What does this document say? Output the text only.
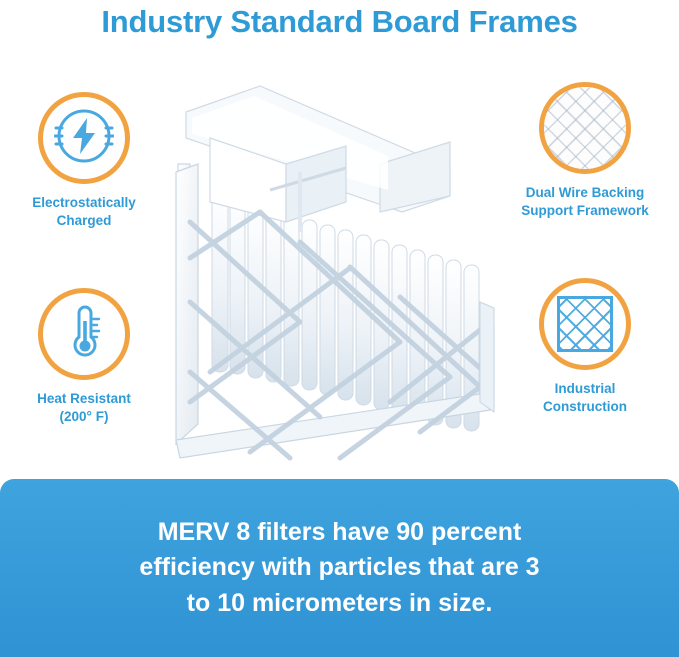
Industry Standard Board Frames
Electrostatically
Charged
Heat Resistant
(200° F)
Dual Wire Backing
Support Framework
Industrial
Construction
MERV 8 filters have 90 percent
efficiency with particles that are 3
to 10 micrometers in size.
